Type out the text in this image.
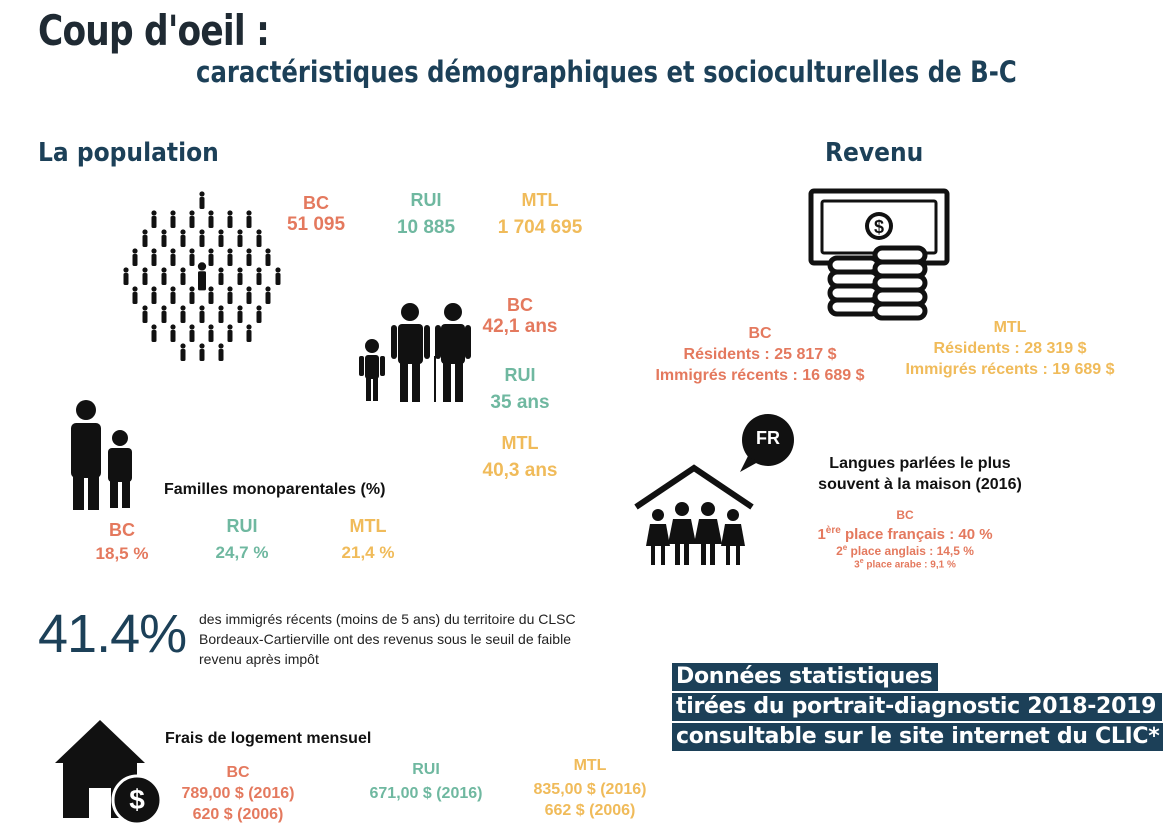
Coup d'oeil :
caractéristiques démographiques et socioculturelles de B-C
La population	Revenu
BC
51 095
RUI
10 885
MTL
1 704 695
BC
42,1 ans
RUI
35 ans
MTL
40,3 ans
Familles monoparentales (%)
BC
18,5 %
RUI
24,7 %
MTL
21,4 %
41.4% des immigrés récents (moins de 5 ans) du territoire du CLSC
Bordeaux-Cartierville ont des revenus sous le seuil de faible
revenu après impôt
$
Frais de logement mensuel
BC
789,00 $ (2016)
620 $ (2006)
RUI
671,00 $ (2016)
MTL
835,00 $ (2016)
662 $ (2006)
$
BC
Résidents : 25 817 $
Immigrés récents : 16 689 $
MTL
Résidents : 28 319 $
Immigrés récents : 19 689 $
FR
Langues parlées le plus
souvent à la maison (2016)
BC
1ère place français : 40 %
2e place anglais : 14,5 %
3e place arabe : 9,1 %
Données statistiques
tirées du portrait-diagnostic 2018-2019
consultable sur le site internet du CLIC*
